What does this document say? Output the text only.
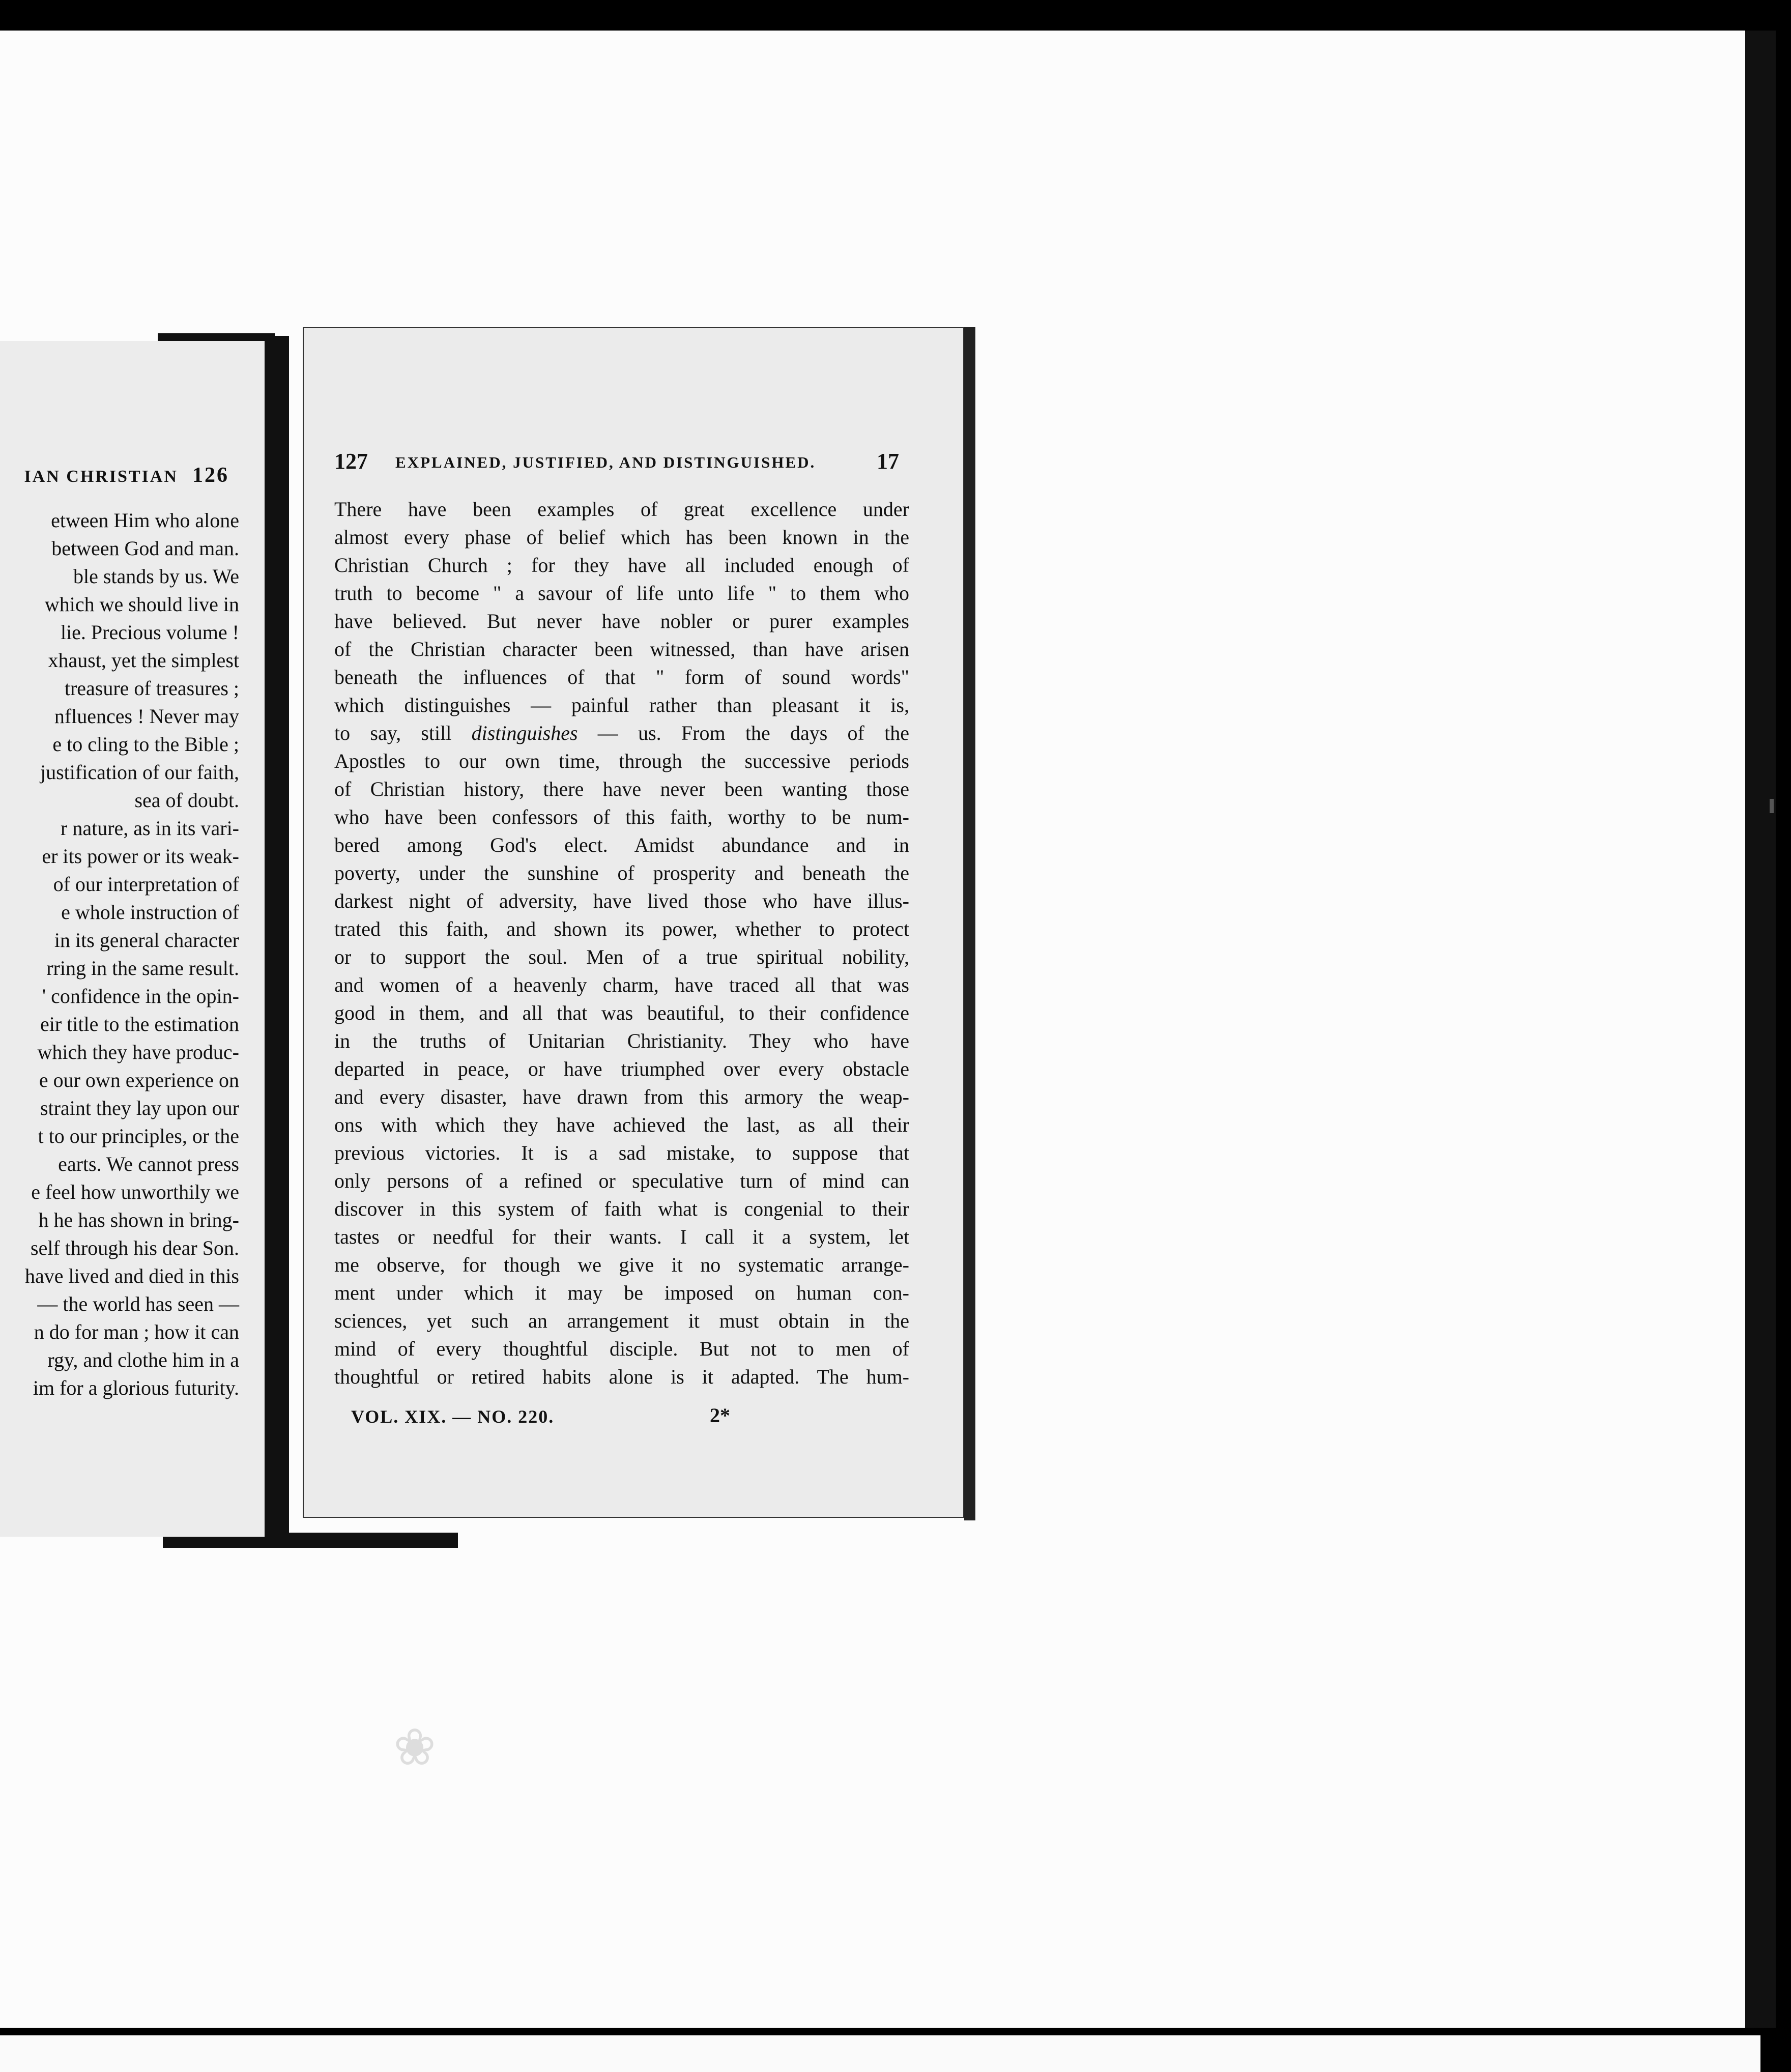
IAN CHRISTIAN 126
etween Him who alone
between God and man.
ble stands by us. We
which we should live in
lie. Precious volume !
xhaust, yet the simplest
treasure of treasures ;
nfluences ! Never may
e to cling to the Bible ;
justification of our faith,
sea of doubt.
r nature, as in its vari-
er its power or its weak-
of our interpretation of
e whole instruction of
in its general character
rring in the same result.
' confidence in the opin-
eir title to the estimation
which they have produc-
e our own experience on
straint they lay upon our
t to our principles, or the
earts. We cannot press
e feel how unworthily we
h he has shown in bring-
self through his dear Son.
have lived and died in this
— the world has seen —
n do for man ; how it can
rgy, and clothe him in a
im for a glorious futurity.
127 EXPLAINED, JUSTIFIED, AND DISTINGUISHED.	17
There have been examples of great excellence under
almost every phase of belief which has been known in the
Christian Church ; for they have all included enough of
truth to become " a savour of life unto life " to them who
have believed. But never have nobler or purer examples
of the Christian character been witnessed, than have arisen
beneath the influences of that " form of sound words"
which distinguishes — painful rather than pleasant it is,
to say, still distinguishes — us. From the days of the
Apostles to our own time, through the successive periods
of Christian history, there have never been wanting those
who have been confessors of this faith, worthy to be num-
bered among God's elect. Amidst abundance and in
poverty, under the sunshine of prosperity and beneath the
darkest night of adversity, have lived those who have illus-
trated this faith, and shown its power, whether to protect
or to support the soul. Men of a true spiritual nobility,
and women of a heavenly charm, have traced all that was
good in them, and all that was beautiful, to their confidence
in the truths of Unitarian Christianity. They who have
departed in peace, or have triumphed over every obstacle
and every disaster, have drawn from this armory the weap-
ons with which they have achieved the last, as all their
previous victories. It is a sad mistake, to suppose that
only persons of a refined or speculative turn of mind can
discover in this system of faith what is congenial to their
tastes or needful for their wants. I call it a system, let
me observe, for though we give it no systematic arrange-
ment under which it may be imposed on human con-
sciences, yet such an arrangement it must obtain in the
mind of every thoughtful disciple. But not to men of
thoughtful or retired habits alone is it adapted. The hum-
VOL. XIX. — NO. 220.	2*
❀
